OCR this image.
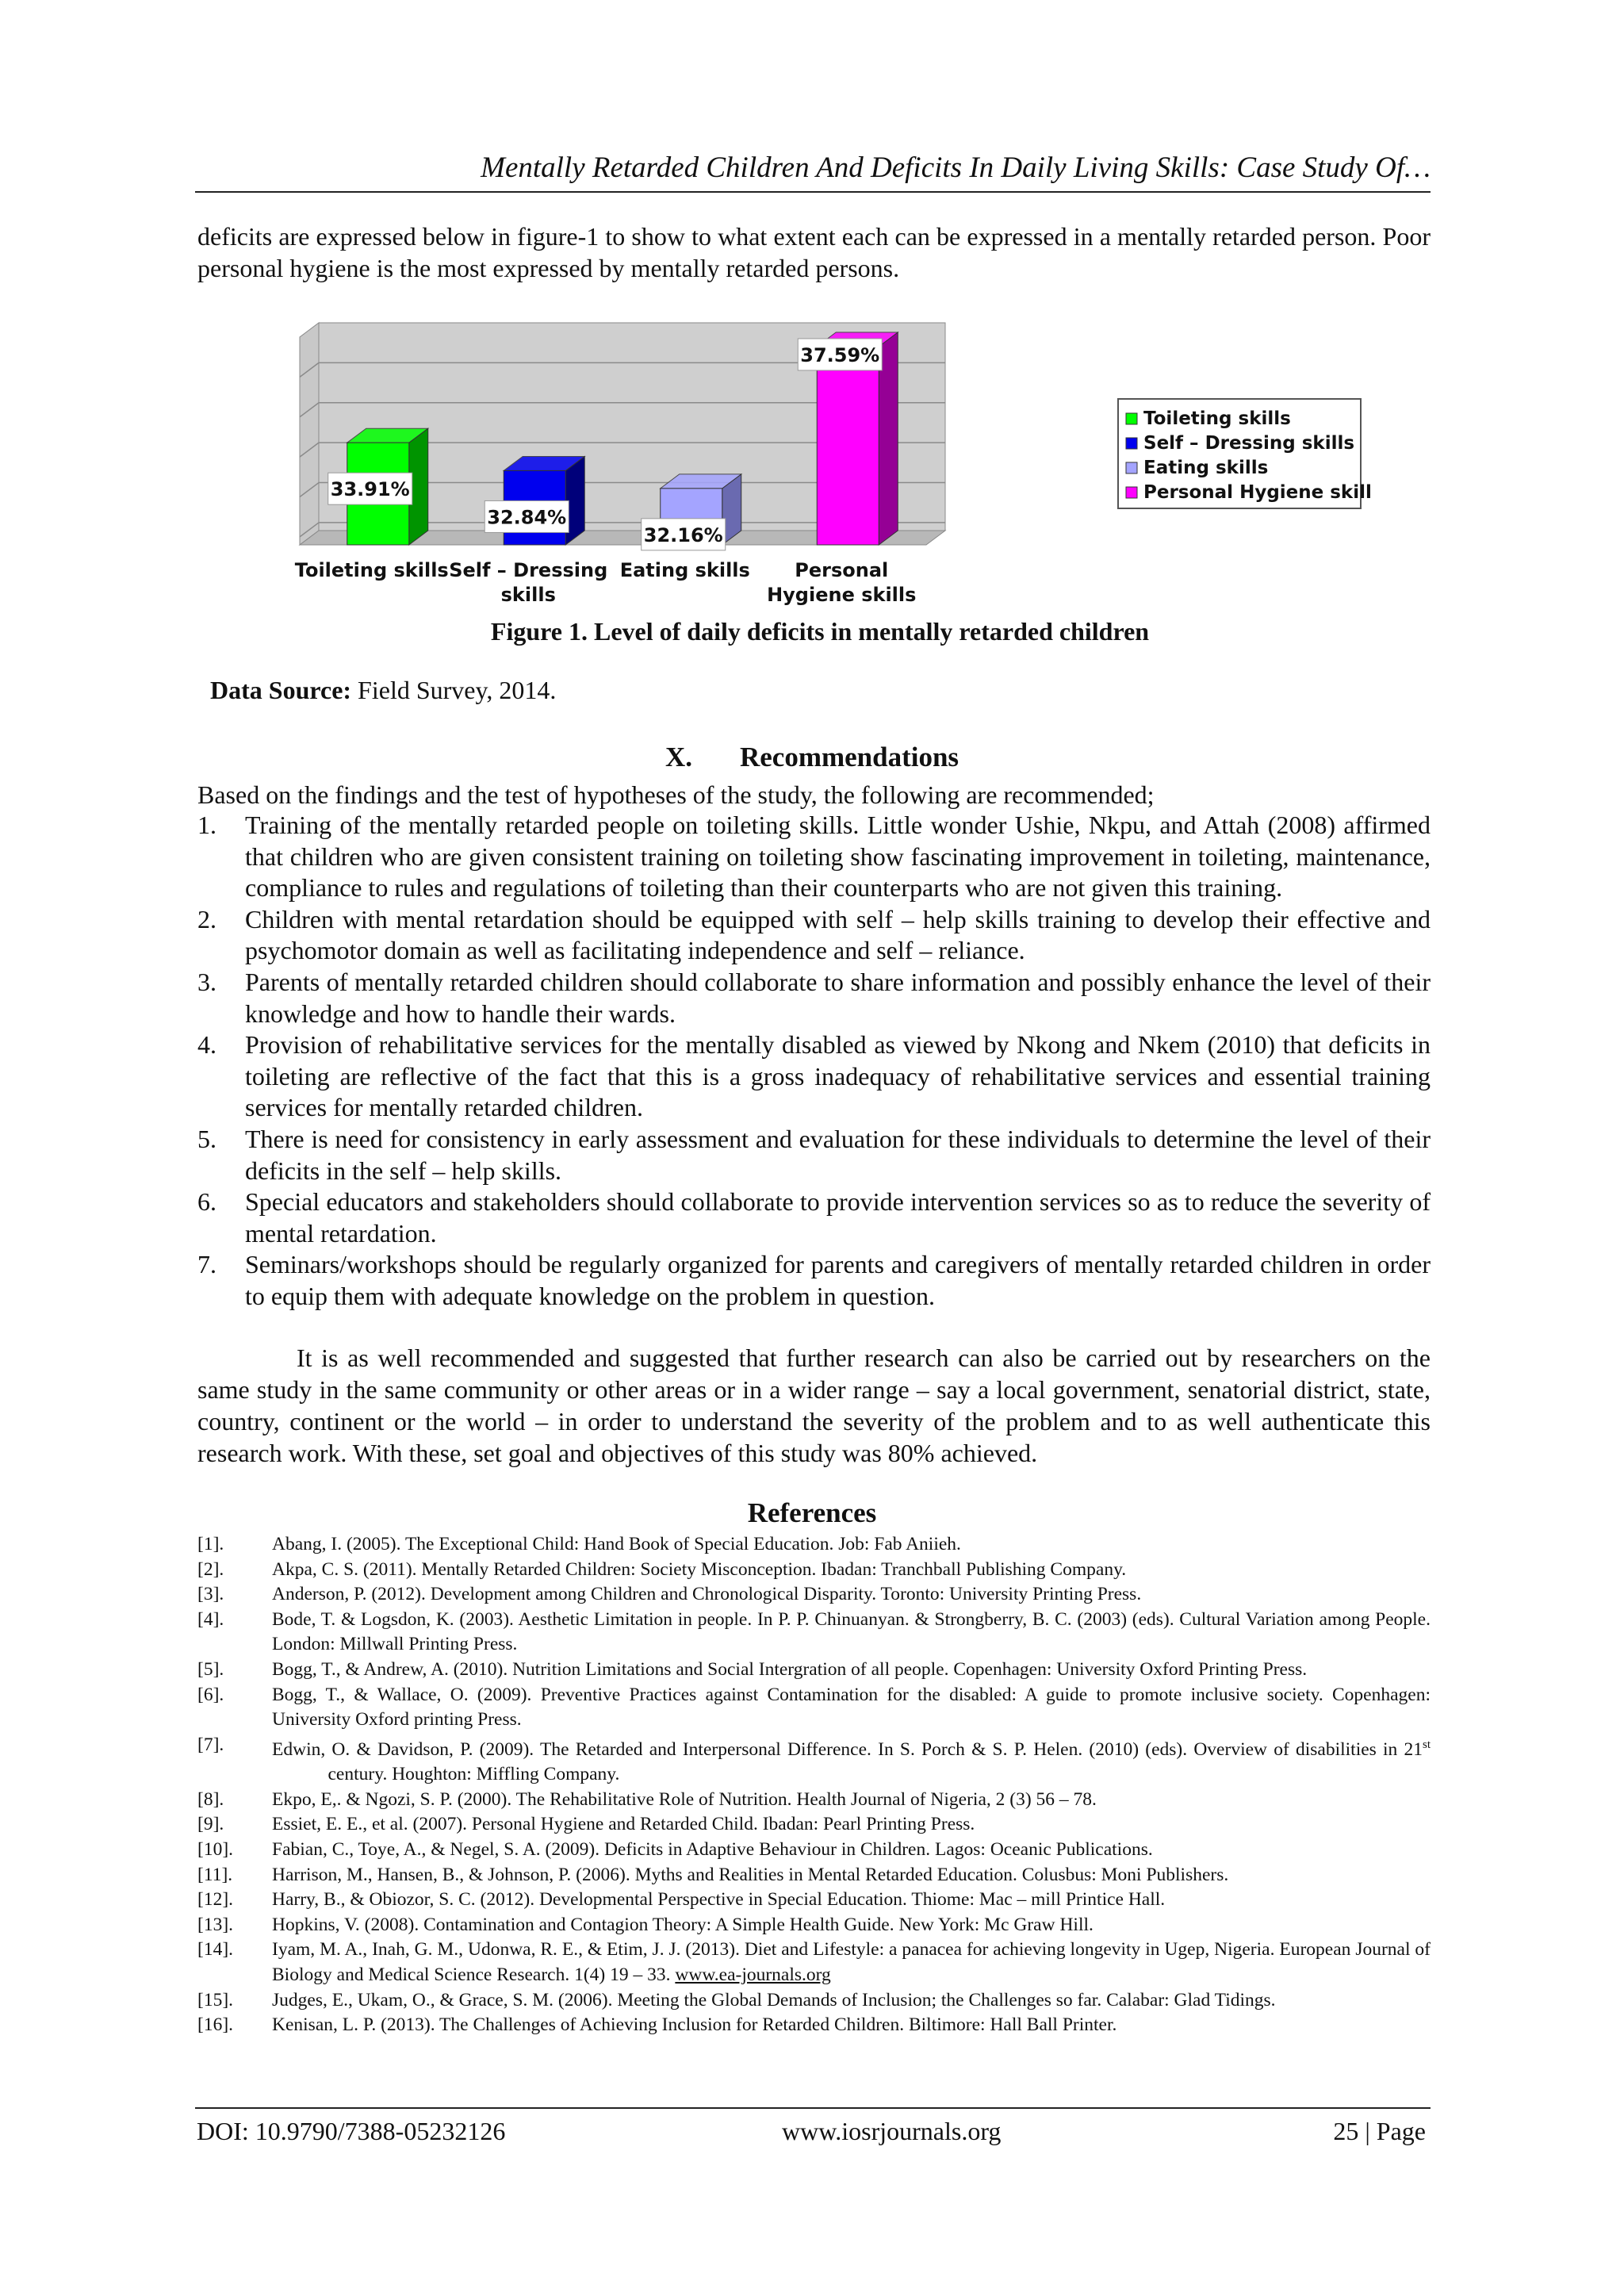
Mentally Retarded Children And Deficits In Daily Living Skills: Case Study Of…
deficits are expressed below in figure-1 to show to what extent each can be expressed in a mentally retarded person. Poor personal hygiene is the most expressed by mentally retarded persons.
33.91%
32.84%
32.16%
37.59%
Toileting skills Self – Dressing
skills
Eating skills Personal
Hygiene skills
Toileting skills
Self – Dressing skills
Eating skills
Personal Hygiene skills
Figure 1. Level of daily deficits in mentally retarded children
Data Source: Field Survey, 2014.
X. Recommendations
Based on the findings and the test of hypotheses of the study, the following are recommended;
1. Training of the mentally retarded people on toileting skills. Little wonder Ushie, Nkpu, and Attah (2008) affirmed that children who are given consistent training on toileting show fascinating improvement in toileting, maintenance, compliance to rules and regulations of toileting than their counterparts who are not given this training.
2. Children with mental retardation should be equipped with self – help skills training to develop their effective and psychomotor domain as well as facilitating independence and self – reliance.
3. Parents of mentally retarded children should collaborate to share information and possibly enhance the level of their knowledge and how to handle their wards.
4. Provision of rehabilitative services for the mentally disabled as viewed by Nkong and Nkem (2010) that deficits in toileting are reflective of the fact that this is a gross inadequacy of rehabilitative services and essential training services for mentally retarded children.
5. There is need for consistency in early assessment and evaluation for these individuals to determine the level of their deficits in the self – help skills.
6. Special educators and stakeholders should collaborate to provide intervention services so as to reduce the severity of mental retardation.
7. Seminars/workshops should be regularly organized for parents and caregivers of mentally retarded children in order to equip them with adequate knowledge on the problem in question.
It is as well recommended and suggested that further research can also be carried out by researchers on the same study in the same community or other areas or in a wider range – say a local government, senatorial district, state, country, continent or the world – in order to understand the severity of the problem and to as well authenticate this research work. With these, set goal and objectives of this study was 80% achieved.
References
[1].	Abang, I. (2005). The Exceptional Child: Hand Book of Special Education. Job: Fab Aniieh.
[2].	Akpa, C. S. (2011). Mentally Retarded Children: Society Misconception. Ibadan: Tranchball Publishing Company.
[3].	Anderson, P. (2012). Development among Children and Chronological Disparity. Toronto: University Printing Press.
[4].	Bode, T. & Logsdon, K. (2003). Aesthetic Limitation in people. In P. P. Chinuanyan. & Strongberry, B. C. (2003) (eds). Cultural Variation among People. London: Millwall Printing Press.
[5].	Bogg, T., & Andrew, A. (2010). Nutrition Limitations and Social Intergration of all people. Copenhagen: University Oxford Printing Press.
[6].	Bogg, T., & Wallace, O. (2009). Preventive Practices against Contamination for the disabled: A guide to promote inclusive society. Copenhagen: University Oxford printing Press.
[7].	Edwin, O. & Davidson, P. (2009). The Retarded and Interpersonal Difference. In S. Porch & S. P. Helen. (2010) (eds). Overview of disabilities in 21st            century. Houghton: Miffling Company.
[8].	Ekpo, E,. & Ngozi, S. P. (2000). The Rehabilitative Role of Nutrition. Health Journal of Nigeria, 2 (3) 56 – 78.
[9].	Essiet, E. E., et al. (2007). Personal Hygiene and Retarded Child. Ibadan: Pearl Printing Press.
[10]. Fabian, C., Toye, A., & Negel, S. A. (2009). Deficits in Adaptive Behaviour in Children. Lagos: Oceanic Publications.
[11]. Harrison, M., Hansen, B., & Johnson, P. (2006). Myths and Realities in Mental Retarded Education. Colusbus: Moni Publishers.
[12]. Harry, B., & Obiozor, S. C. (2012). Developmental Perspective in Special Education. Thiome: Mac – mill Printice Hall.
[13]. Hopkins, V. (2008). Contamination and Contagion Theory: A Simple Health Guide. New York: Mc Graw Hill.
[14]. Iyam, M. A., Inah, G. M., Udonwa, R. E., & Etim, J. J. (2013). Diet and Lifestyle: a panacea for achieving longevity in Ugep, Nigeria. European Journal of Biology and Medical Science Research. 1(4) 19 – 33. www.ea-journals.org
[15]. Judges, E., Ukam, O., & Grace, S. M. (2006). Meeting the Global Demands of Inclusion; the Challenges so far. Calabar: Glad Tidings.
[16]. Kenisan, L. P. (2013). The Challenges of Achieving Inclusion for Retarded Children. Biltimore: Hall Ball Printer.
DOI: 10.9790/7388-05232126	www.iosrjournals.org	25 | Page
